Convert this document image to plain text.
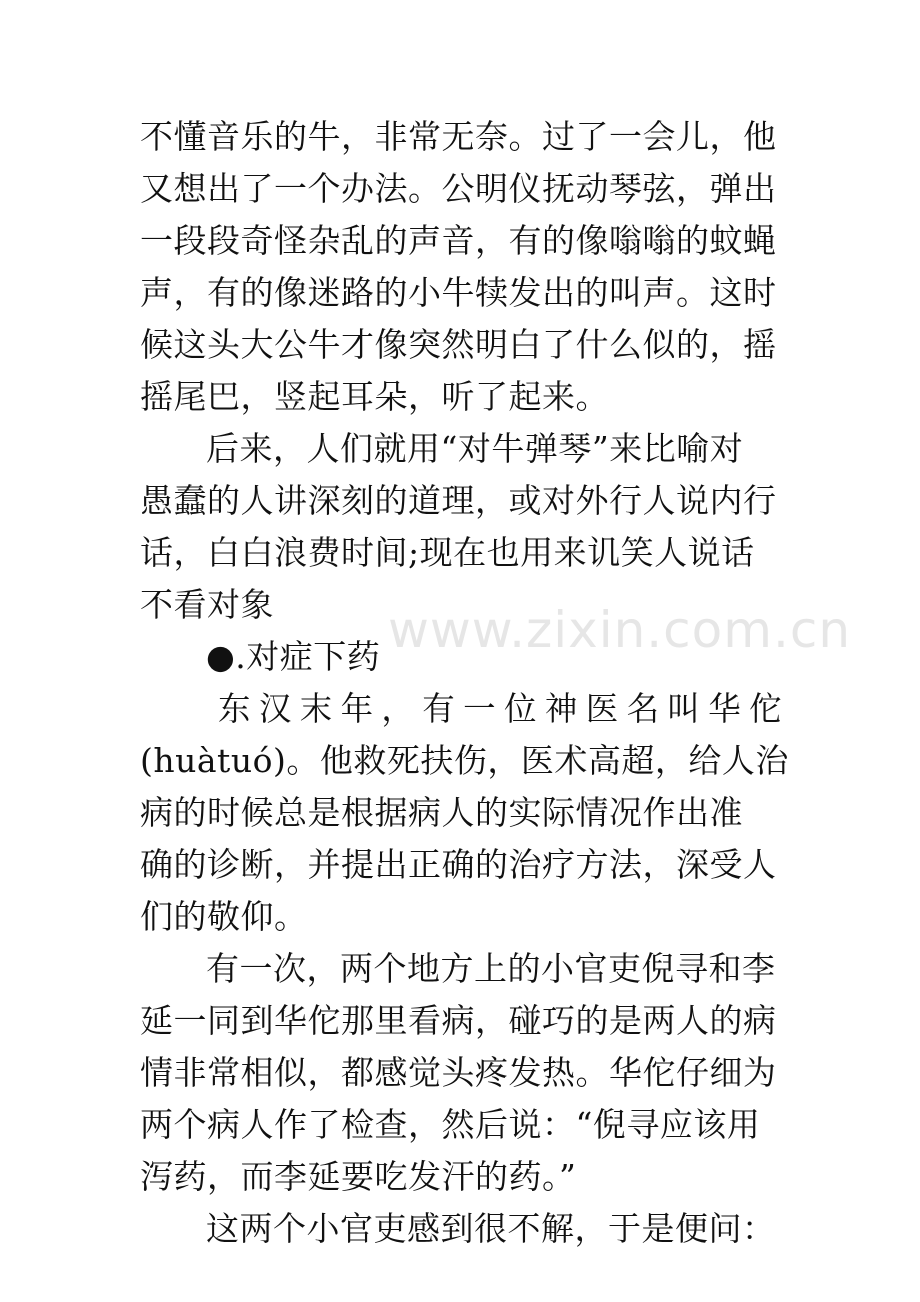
www.zixin.com.cn
不懂音乐的牛，非常无奈。过了一会儿，他
又想出了一个办法。公明仪抚动琴弦，弹出
一段段奇怪杂乱的声音，有的像嗡嗡的蚊蝇
声，有的像迷路的小牛犊发出的叫声。这时
候这头大公牛才像突然明白了什么似的，摇
摇尾巴，竖起耳朵，听了起来。
后来，人们就用“对牛弹琴”来比喻对
愚蠢的人讲深刻的道理，或对外行人说内行
话，白白浪费时间;现在也用来讥笑人说话
不看对象
●.对症下药
东汉末年，有一位神医名叫华佗
(huàtuó)。他救死扶伤，医术高超，给人治
病的时候总是根据病人的实际情况作出准
确的诊断，并提出正确的治疗方法，深受人
们的敬仰。
有一次，两个地方上的小官吏倪寻和李
延一同到华佗那里看病，碰巧的是两人的病
情非常相似，都感觉头疼发热。华佗仔细为
两个病人作了检查，然后说：“倪寻应该用
泻药，而李延要吃发汗的药。”
这两个小官吏感到很不解，于是便问：
